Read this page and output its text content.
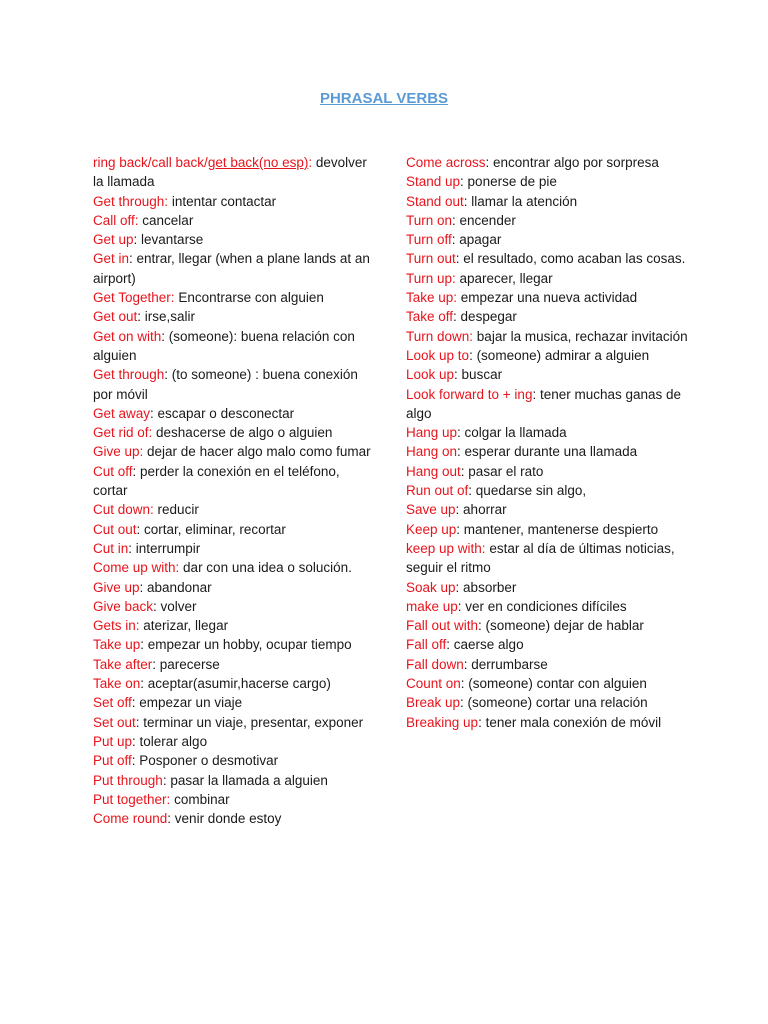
PHRASAL VERBS
ring back/call back/get back(no esp): devolver la llamada
Get through: intentar contactar
Call off: cancelar
Get up: levantarse
Get in: entrar, llegar (when a plane lands at an airport)
Get Together: Encontrarse con alguien
Get out: irse,salir
Get on with: (someone): buena relación con alguien
Get through: (to someone) : buena conexión por móvil
Get away: escapar o desconectar
Get rid of: deshacerse de algo o alguien
Give up: dejar de hacer algo malo como fumar
Cut off: perder la conexión en el teléfono, cortar
Cut down: reducir
Cut out: cortar, eliminar, recortar
Cut in: interrumpir
Come up with: dar con una idea o solución.
Give up: abandonar
Give back: volver
Gets in: aterizar, llegar
Take up: empezar un hobby, ocupar tiempo
Take after: parecerse
Take on: aceptar(asumir,hacerse cargo)
Set off: empezar un viaje
Set out: terminar un viaje, presentar, exponer
Put up: tolerar algo
Put off: Posponer o desmotivar
Put through: pasar la llamada a alguien
Put together: combinar
Come round: venir donde estoy
Come across: encontrar algo por sorpresa
Stand up: ponerse de pie
Stand out: llamar la atención
Turn on: encender
Turn off: apagar
Turn out: el resultado, como acaban las cosas.
Turn up: aparecer, llegar
Take up: empezar una nueva actividad
Take off: despegar
Turn down: bajar la musica, rechazar invitación
Look up to: (someone) admirar a alguien
Look up: buscar
Look forward to + ing: tener muchas ganas de algo
Hang up: colgar la llamada
Hang on: esperar durante una llamada
Hang out: pasar el rato
Run out of: quedarse sin algo,
Save up: ahorrar
Keep up: mantener, mantenerse despierto
keep up with: estar al día de últimas noticias, seguir el ritmo
Soak up: absorber
make up: ver en condiciones difíciles
Fall out with: (someone) dejar de hablar
Fall off: caerse algo
Fall down: derrumbarse
Count on: (someone) contar con alguien
Break up: (someone) cortar una relación
Breaking up: tener mala conexión de móvil
